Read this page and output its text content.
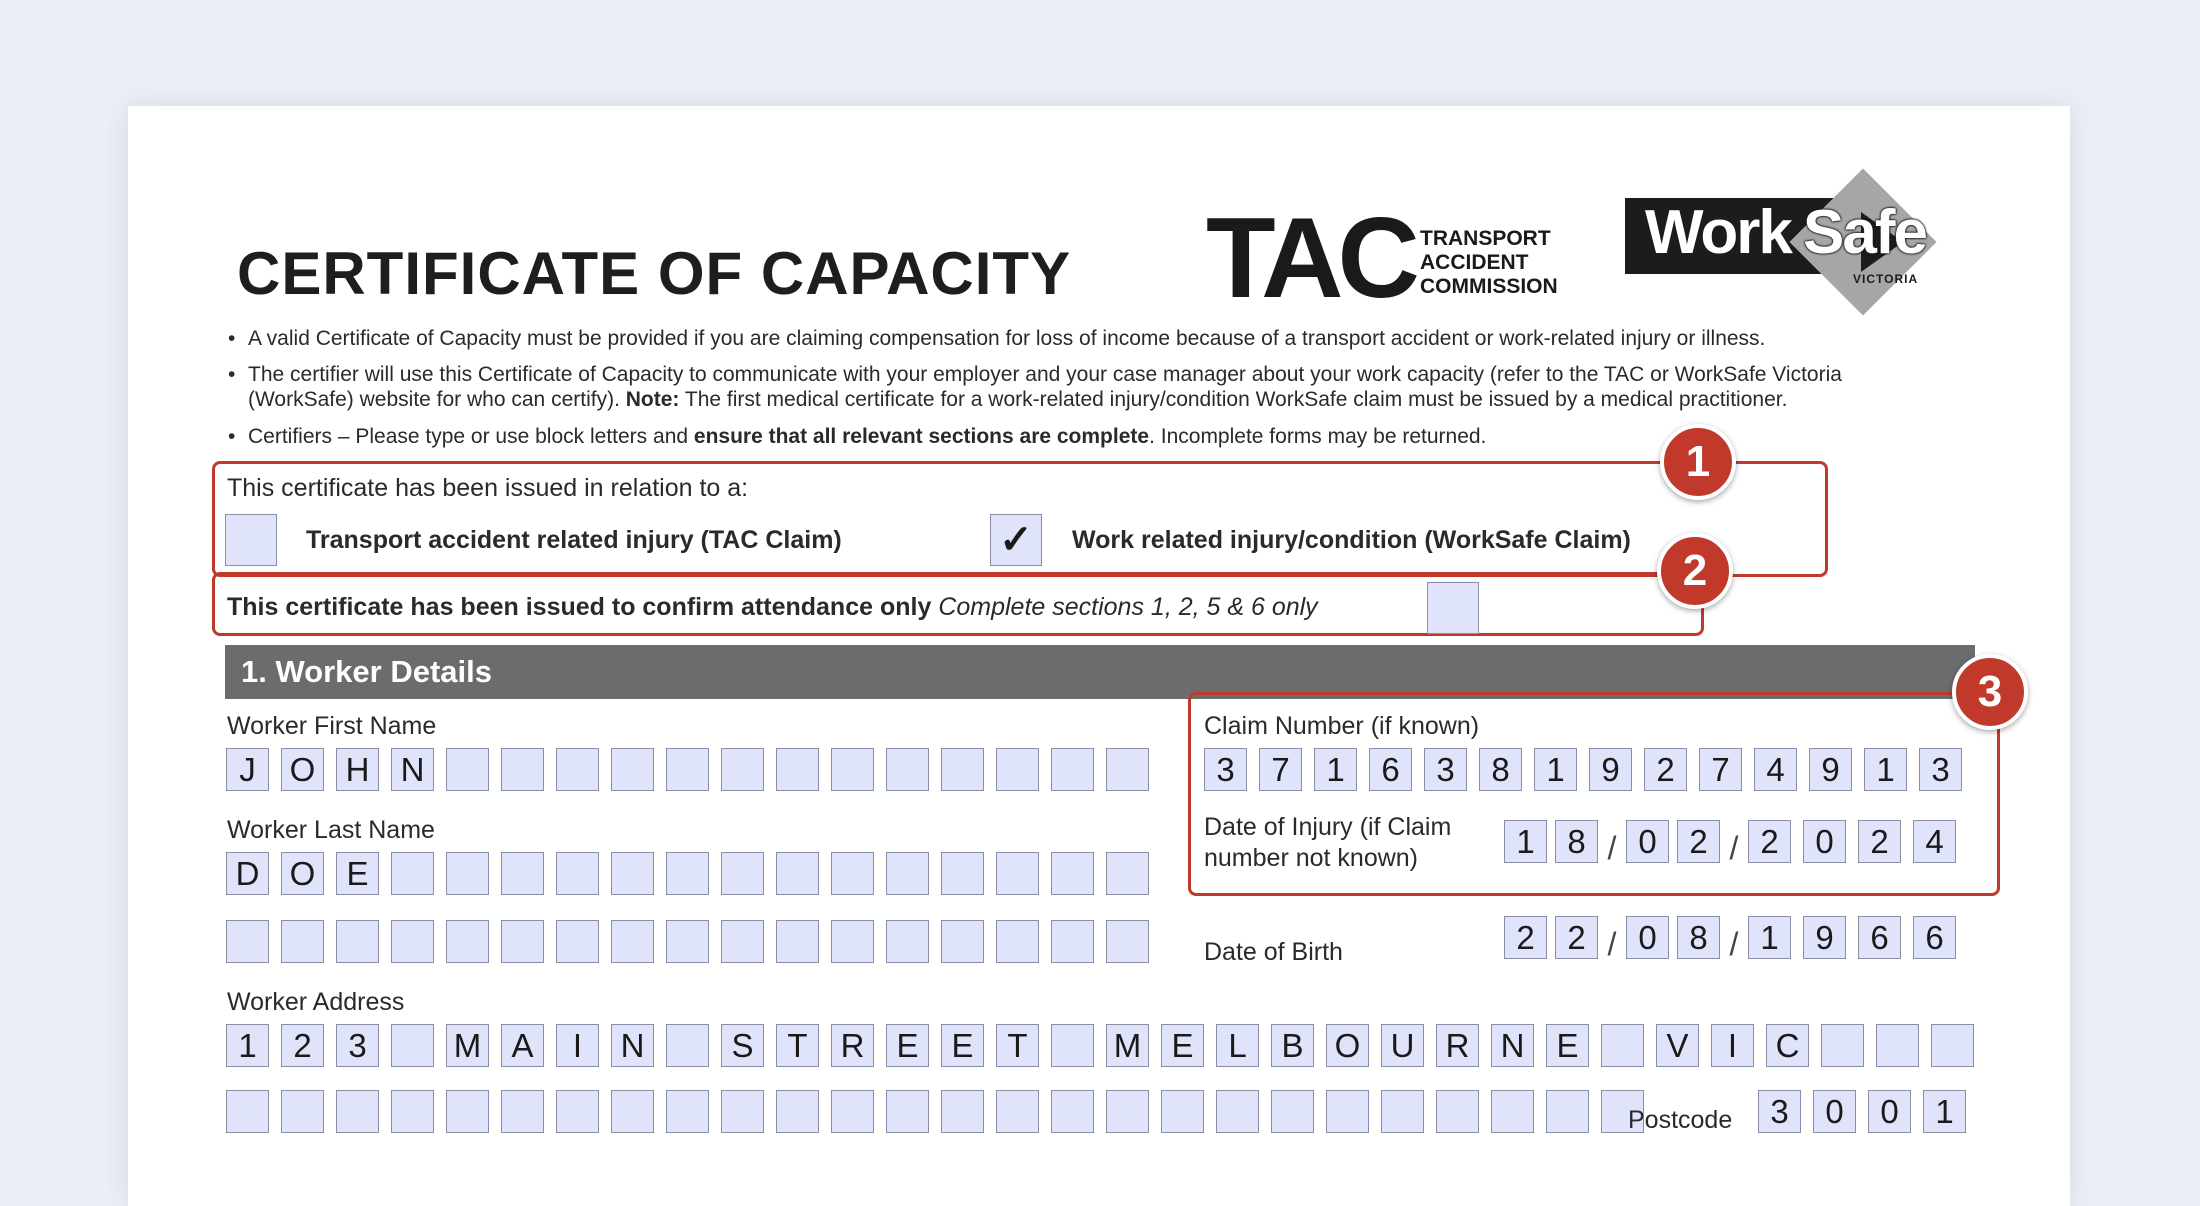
CERTIFICATE OF CAPACITY TAC TRANSPORT
ACCIDENT
COMMISSION
Work Safe
VICTORIA
• A valid Certificate of Capacity must be provided if you are claiming compensation for loss of income because of a transport accident or work-related injury or illness.
• The certifier will use this Certificate of Capacity to communicate with your employer and your case manager about your work capacity (refer to the TAC or WorkSafe Victoria
(WorkSafe) website for who can certify). Note: The first medical certificate for a work-related injury/condition WorkSafe claim must be issued by a medical practitioner.
• Certifiers – Please type or use block letters and ensure that all relevant sections are complete. Incomplete forms may be returned.
This certificate has been issued in relation to a:
Transport accident related injury (TAC Claim)	✓	Work related injury/condition (WorkSafe Claim)
1
This certificate has been issued to confirm attendance only Complete sections 1, 2, 5 & 6 only
2
1. Worker Details
Worker First Name
J	O H N
Worker Last Name
D O E
Worker Address
1	2	3	M A	I	N	S	T	R E E	T	M E	L	B O U R N E	V	I	C
Postcode	3	0	0	1
3
Claim Number (if known)
3	7	1	6	3	8	1	9	2	7	4	9	1	3
Date of Injury (if Claim
number not known)	1 8 / 0 2 / 2	0	2	4
Date of Birth	2 2 / 0 8 / 1	9	6	6
